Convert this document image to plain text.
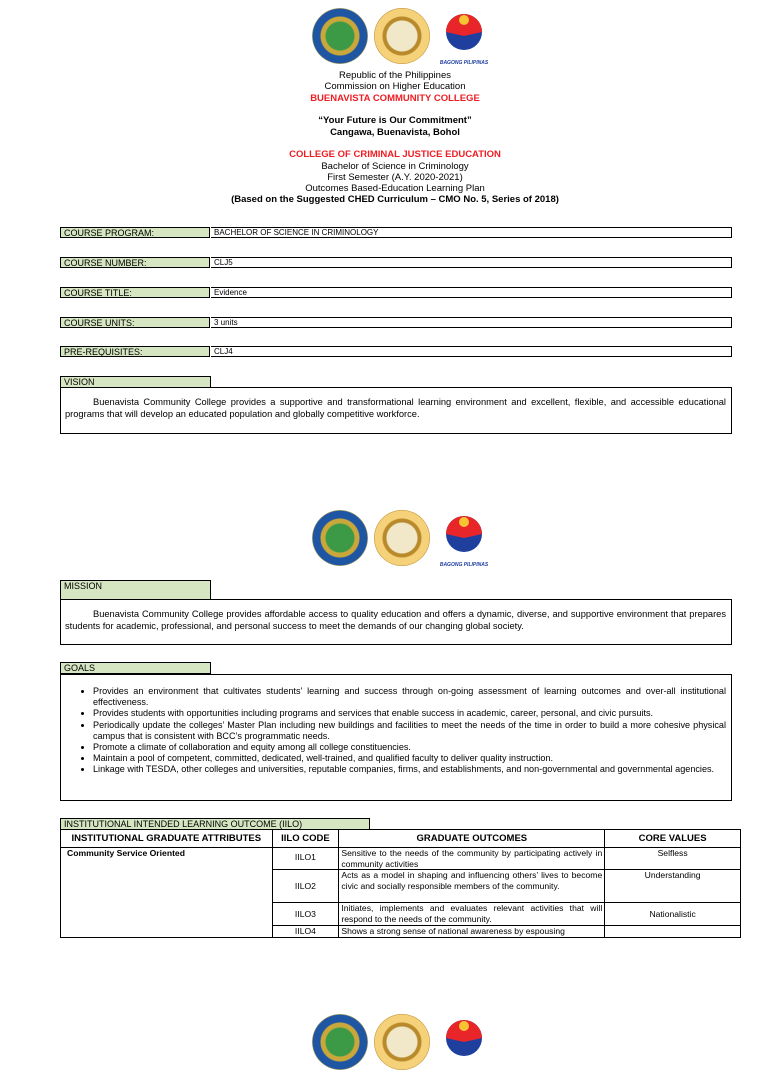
BAGONG PILIPINAS
Republic of the Philippines
Commission on Higher Education
BUENAVISTA COMMUNITY COLLEGE
“Your Future is Our Commitment”
Cangawa, Buenavista, Bohol
COLLEGE OF CRIMINAL JUSTICE EDUCATION
Bachelor of Science in Criminology
First Semester (A.Y. 2020-2021)
Outcomes Based-Education Learning Plan
(Based on the Suggested CHED Curriculum – CMO No. 5, Series of 2018)
COURSE PROGRAM:	BACHELOR OF SCIENCE IN CRIMINOLOGY
COURSE NUMBER:	CLJ5
COURSE TITLE:	Evidence
COURSE UNITS:	3 units
PRE-REQUISITES:	CLJ4
VISION

Buenavista Community College provides a supportive and transformational learning environment and excellent, flexible, and accessible educational programs that will develop an educated population and globally competitive workforce.

BAGONG PILIPINAS
MISSION

Buenavista Community College provides affordable access to quality education and offers a dynamic, diverse, and supportive environment that prepares students for academic, professional, and personal success to meet the demands of our changing global society.

GOALS
• Provides an environment that cultivates students’ learning and success through on-going assessment of learning outcomes and over-all institutional effectiveness.
• Provides students with opportunities including programs and services that enable success in academic, career, personal, and civic pursuits.
• Periodically update the colleges’ Master Plan including new buildings and facilities to meet the needs of the time in order to build a more cohesive physical campus that is consistent with BCC’s programmatic needs.
• Promote a climate of collaboration and equity among all college constituencies.
• Maintain a pool of competent, committed, dedicated, well-trained, and qualified faculty to deliver quality instruction.
• Linkage with TESDA, other colleges and universities, reputable companies, firms, and establishments, and non-governmental and governmental agencies.
INSTITUTIONAL INTENDED LEARNING OUTCOME (IILO)
INSTITUTIONAL GRADUATE ATTRIBUTES	IILO CODE	GRADUATE OUTCOMES	CORE VALUES
Community Service Oriented	IILO1	Sensitive to the needs of the community by participating actively in community activities	Selfless
	IILO2	Acts as a model in shaping and influencing others’ lives to become civic and socially responsible members of the community.	Understanding
	IILO3	Initiates, implements and evaluates relevant activities that will respond to the needs of the community.	Nationalistic
	IILO4	Shows a strong sense of national awareness by espousing	
